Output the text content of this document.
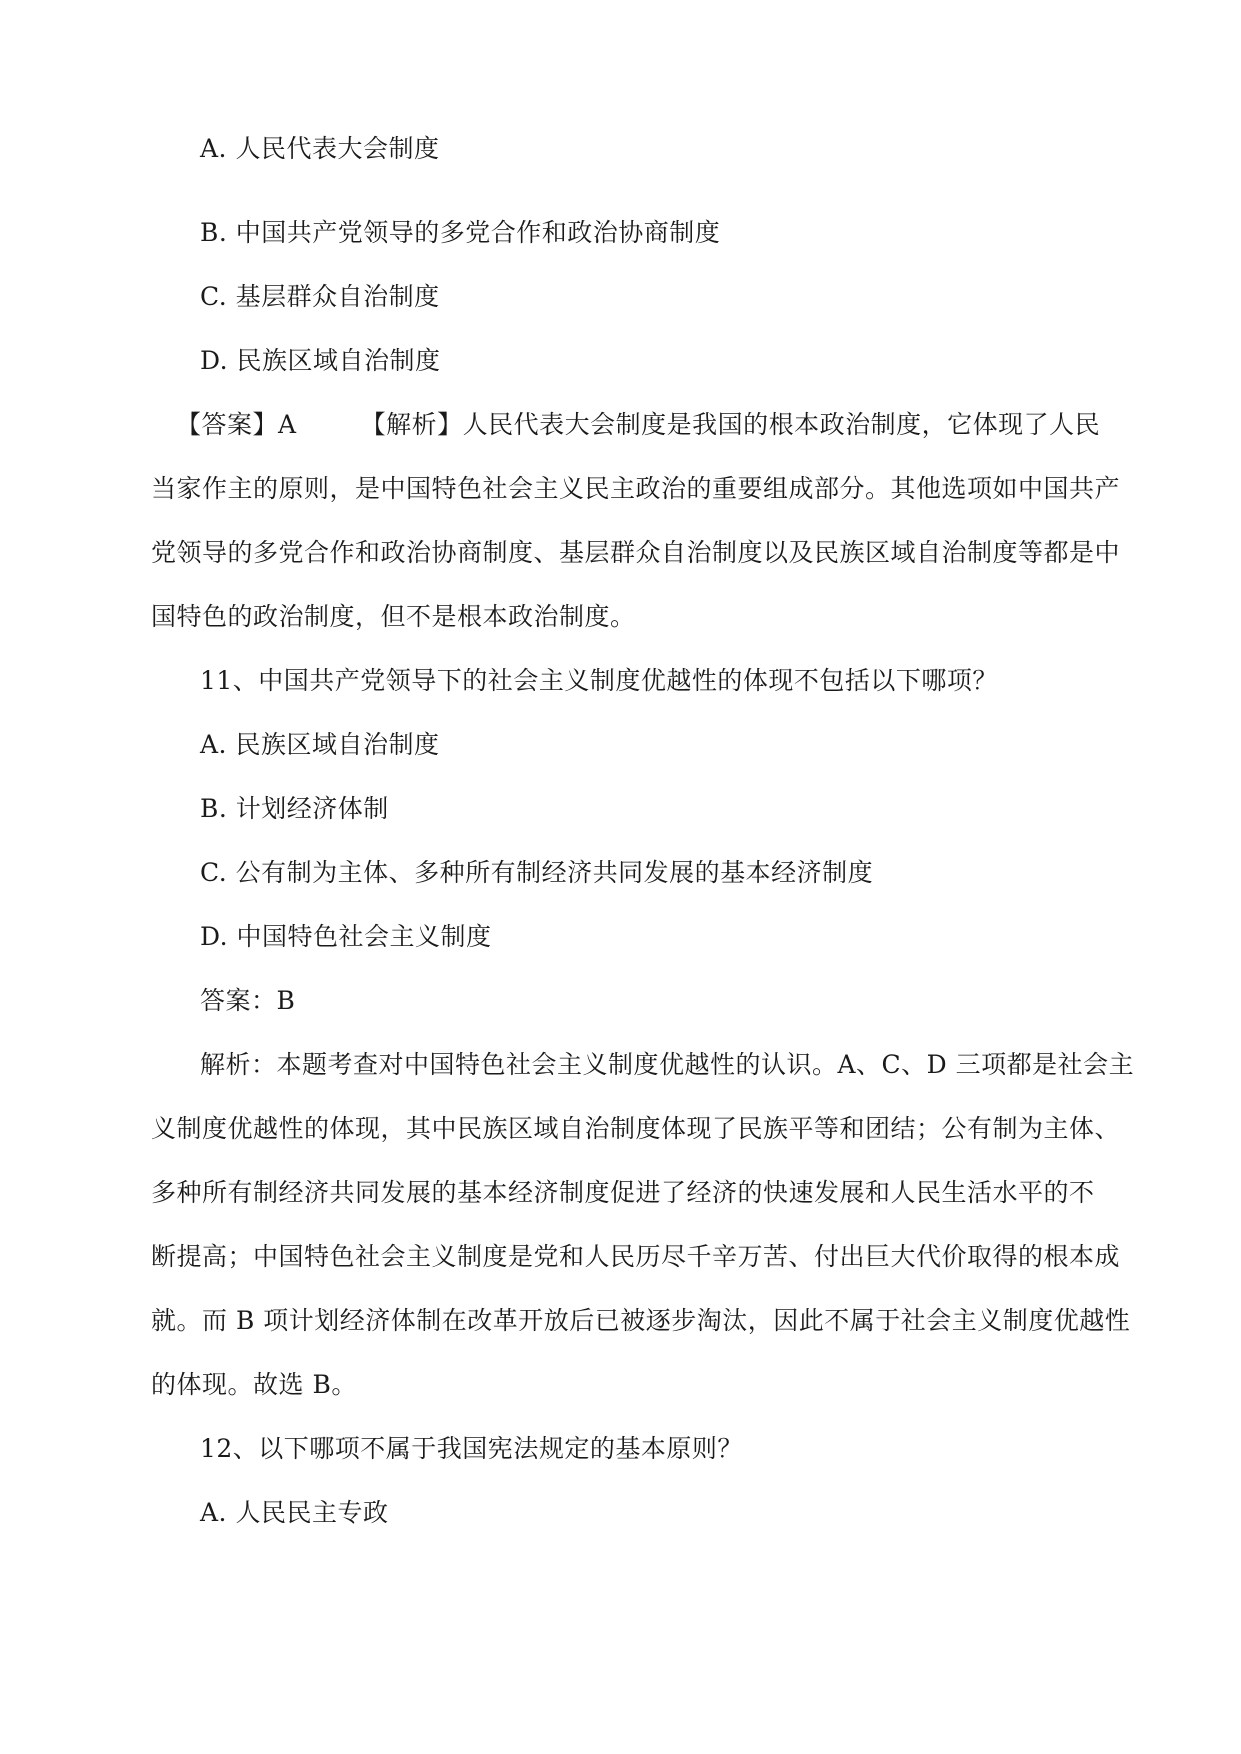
A. 人民代表大会制度
B. 中国共产党领导的多党合作和政治协商制度
C. 基层群众自治制度
D. 民族区域自治制度
【答案】A	【解析】人民代表大会制度是我国的根本政治制度，它体现了人民
当家作主的原则，是中国特色社会主义民主政治的重要组成部分。其他选项如中国共产
党领导的多党合作和政治协商制度、基层群众自治制度以及民族区域自治制度等都是中
国特色的政治制度，但不是根本政治制度。
11、中国共产党领导下的社会主义制度优越性的体现不包括以下哪项？
A. 民族区域自治制度
B. 计划经济体制
C. 公有制为主体、多种所有制经济共同发展的基本经济制度
D. 中国特色社会主义制度
答案：B
解析：本题考查对中国特色社会主义制度优越性的认识。A、C、D 三项都是社会主
义制度优越性的体现，其中民族区域自治制度体现了民族平等和团结；公有制为主体、
多种所有制经济共同发展的基本经济制度促进了经济的快速发展和人民生活水平的不
断提高；中国特色社会主义制度是党和人民历尽千辛万苦、付出巨大代价取得的根本成
就。而 B 项计划经济体制在改革开放后已被逐步淘汰，因此不属于社会主义制度优越性
的体现。故选 B。
12、以下哪项不属于我国宪法规定的基本原则？
A. 人民民主专政
